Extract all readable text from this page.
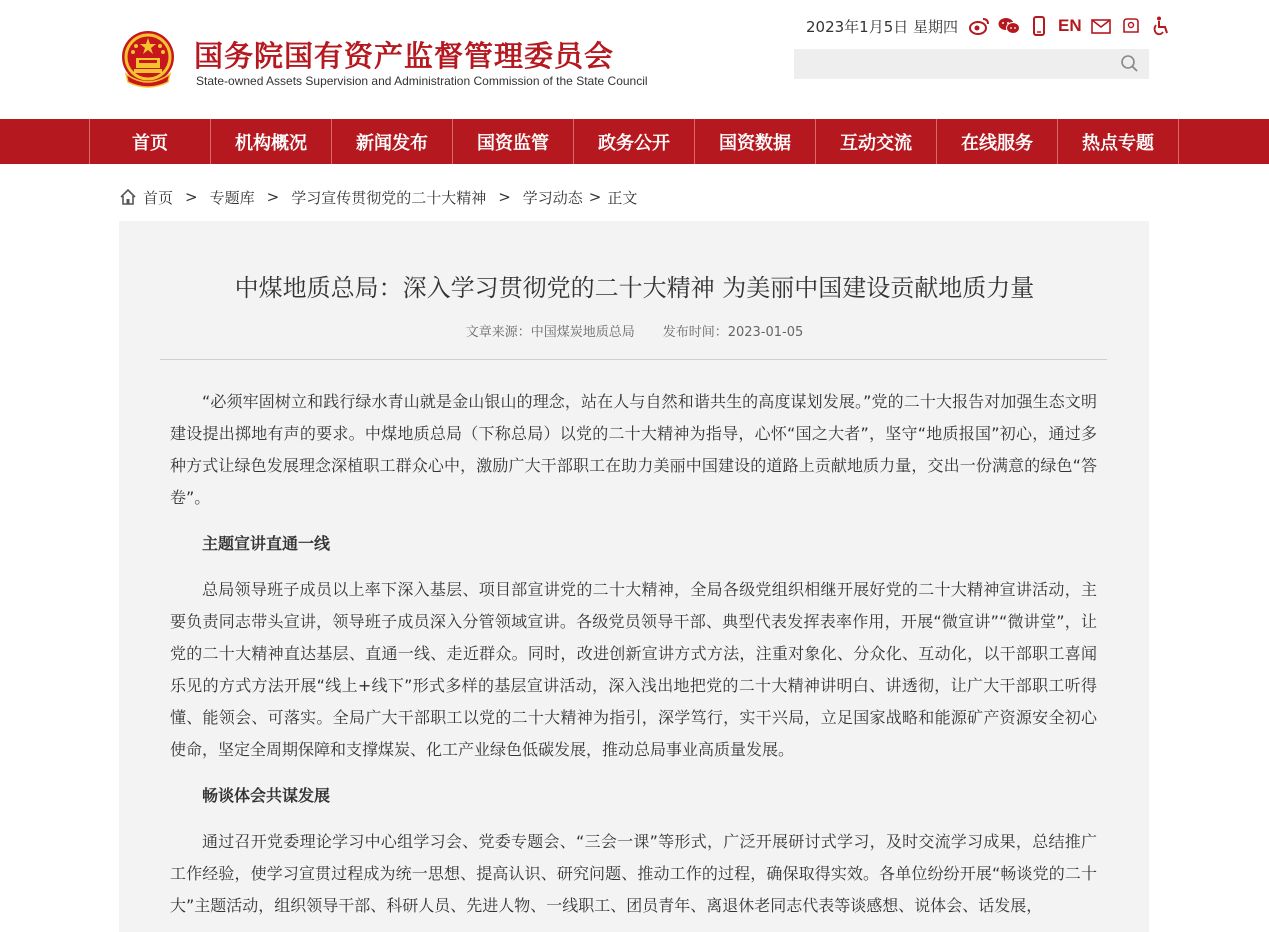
国务院国有资产监督管理委员会
State-owned Assets Supervision and Administration Commission of the State Council
2023年1月5日 星期四	EN
首页	机构概况	新闻发布	国资监管	政务公开	国资数据	互动交流	在线服务	热点专题
首页 > 专题库 > 学习宣传贯彻党的二十大精神 > 学习动态 > 正文
中煤地质总局：深入学习贯彻党的二十大精神 为美丽中国建设贡献地质力量
文章来源：中国煤炭地质总局 发布时间：2023-01-05

“必须牢固树立和践行绿水青山就是金山银山的理念，站在人与自然和谐共生的高度谋划发展。”党的二十大报告对加强生态文明建设提出掷地有声的要求。中煤地质总局（下称总局）以党的二十大精神为指导，心怀“国之大者”，坚守“地质报国”初心，通过多种方式让绿色发展理念深植职工群众心中，激励广大干部职工在助力美丽中国建设的道路上贡献地质力量，交出一份满意的绿色“答卷”。

主题宣讲直通一线

总局领导班子成员以上率下深入基层、项目部宣讲党的二十大精神，全局各级党组织相继开展好党的二十大精神宣讲活动，主要负责同志带头宣讲，领导班子成员深入分管领域宣讲。各级党员领导干部、典型代表发挥表率作用，开展“微宣讲”“微讲堂”，让党的二十大精神直达基层、直通一线、走近群众。同时，改进创新宣讲方式方法，注重对象化、分众化、互动化，以干部职工喜闻乐见的方式方法开展“线上+线下”形式多样的基层宣讲活动，深入浅出地把党的二十大精神讲明白、讲透彻，让广大干部职工听得懂、能领会、可落实。全局广大干部职工以党的二十大精神为指引，深学笃行，实干兴局，立足国家战略和能源矿产资源安全初心使命，坚定全周期保障和支撑煤炭、化工产业绿色低碳发展，推动总局事业高质量发展。

畅谈体会共谋发展

通过召开党委理论学习中心组学习会、党委专题会、“三会一课”等形式，广泛开展研讨式学习，及时交流学习成果，总结推广工作经验，使学习宣贯过程成为统一思想、提高认识、研究问题、推动工作的过程，确保取得实效。各单位纷纷开展“畅谈党的二十大”主题活动，组织领导干部、科研人员、先进人物、一线职工、团员青年、离退休老同志代表等谈感想、说体会、话发展，
